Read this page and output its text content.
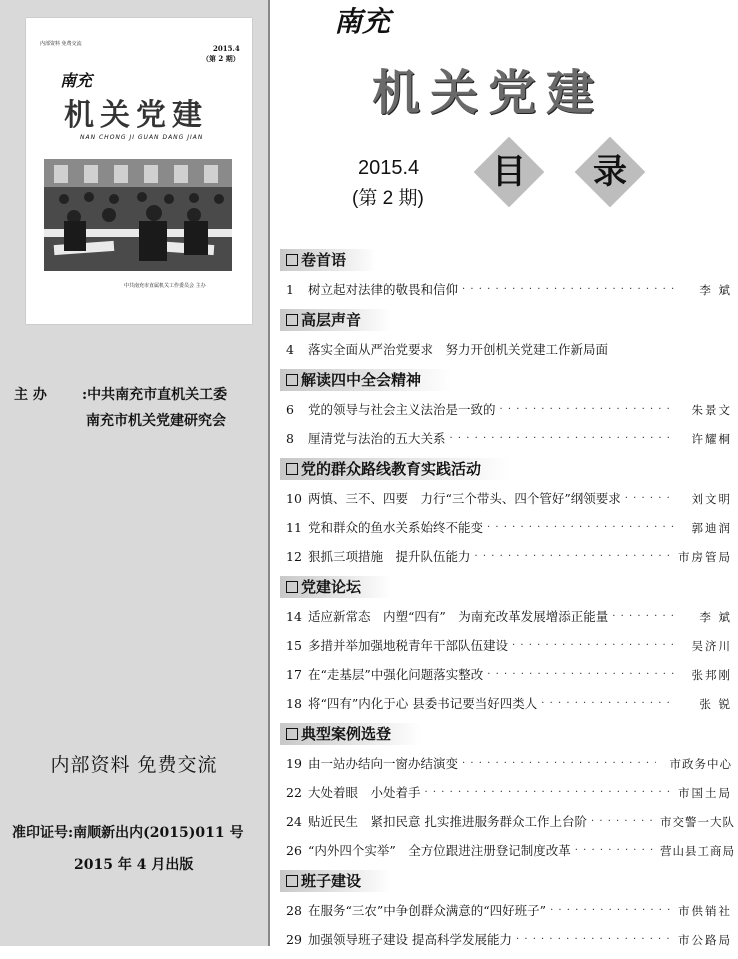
内部资料 免费交流	2015.4
（第 2 期）
南充
机关党建
NAN CHONG JI GUAN DANG JIAN
中共南充市直属机关工作委员会 主办
主 办	:中共南充市直机关工委
南充市机关党建研究会
内部资料 免费交流
准印证号:南顺新出内(2015)011 号
2015 年 4 月出版
南充
机关党建
2015.4
(第 2 期)
目	录
卷首语
1	树立起对法律的敬畏和信仰 · · ·	李 斌
高层声音
4	落实全面从严治党要求　努力开创机关党建工作新局面
解读四中全会精神
6	党的领导与社会主义法治是一致的 · · ·	朱景文
8	厘清党与法治的五大关系 · · ·	许耀桐
党的群众路线教育实践活动
10 两慎、三不、四要　力行“三个带头、四个管好”纲领要求 · · ·	刘文明
11 党和群众的鱼水关系始终不能变 · · ·	郭迪润
12 狠抓三项措施　提升队伍能力 · · ·	市房管局
党建论坛
14 适应新常态　内塑“四有”　为南充改革发展增添正能量 · · ·	李 斌
15 多措并举加强地税青年干部队伍建设 · · ·	吴济川
17 在“走基层”中强化问题落实整改 · · ·	张邦刚
18 将“四有”内化于心 县委书记要当好四类人 · · ·	张 锐
典型案例选登
19 由一站办结向一窗办结演变 · · ·	市政务中心
22 大处着眼　小处着手 · · ·	市国土局
24 贴近民生　紧扣民意 扎实推进服务群众工作上台阶 · · ·	市交警一大队
26 “内外四个实举”　全方位跟进注册登记制度改革 · · ·	营山县工商局
班子建设
28 在服务“三农”中争创群众满意的“四好班子” · · ·	市供销社
29 加强领导班子建设 提高科学发展能力 · · ·	市公路局
